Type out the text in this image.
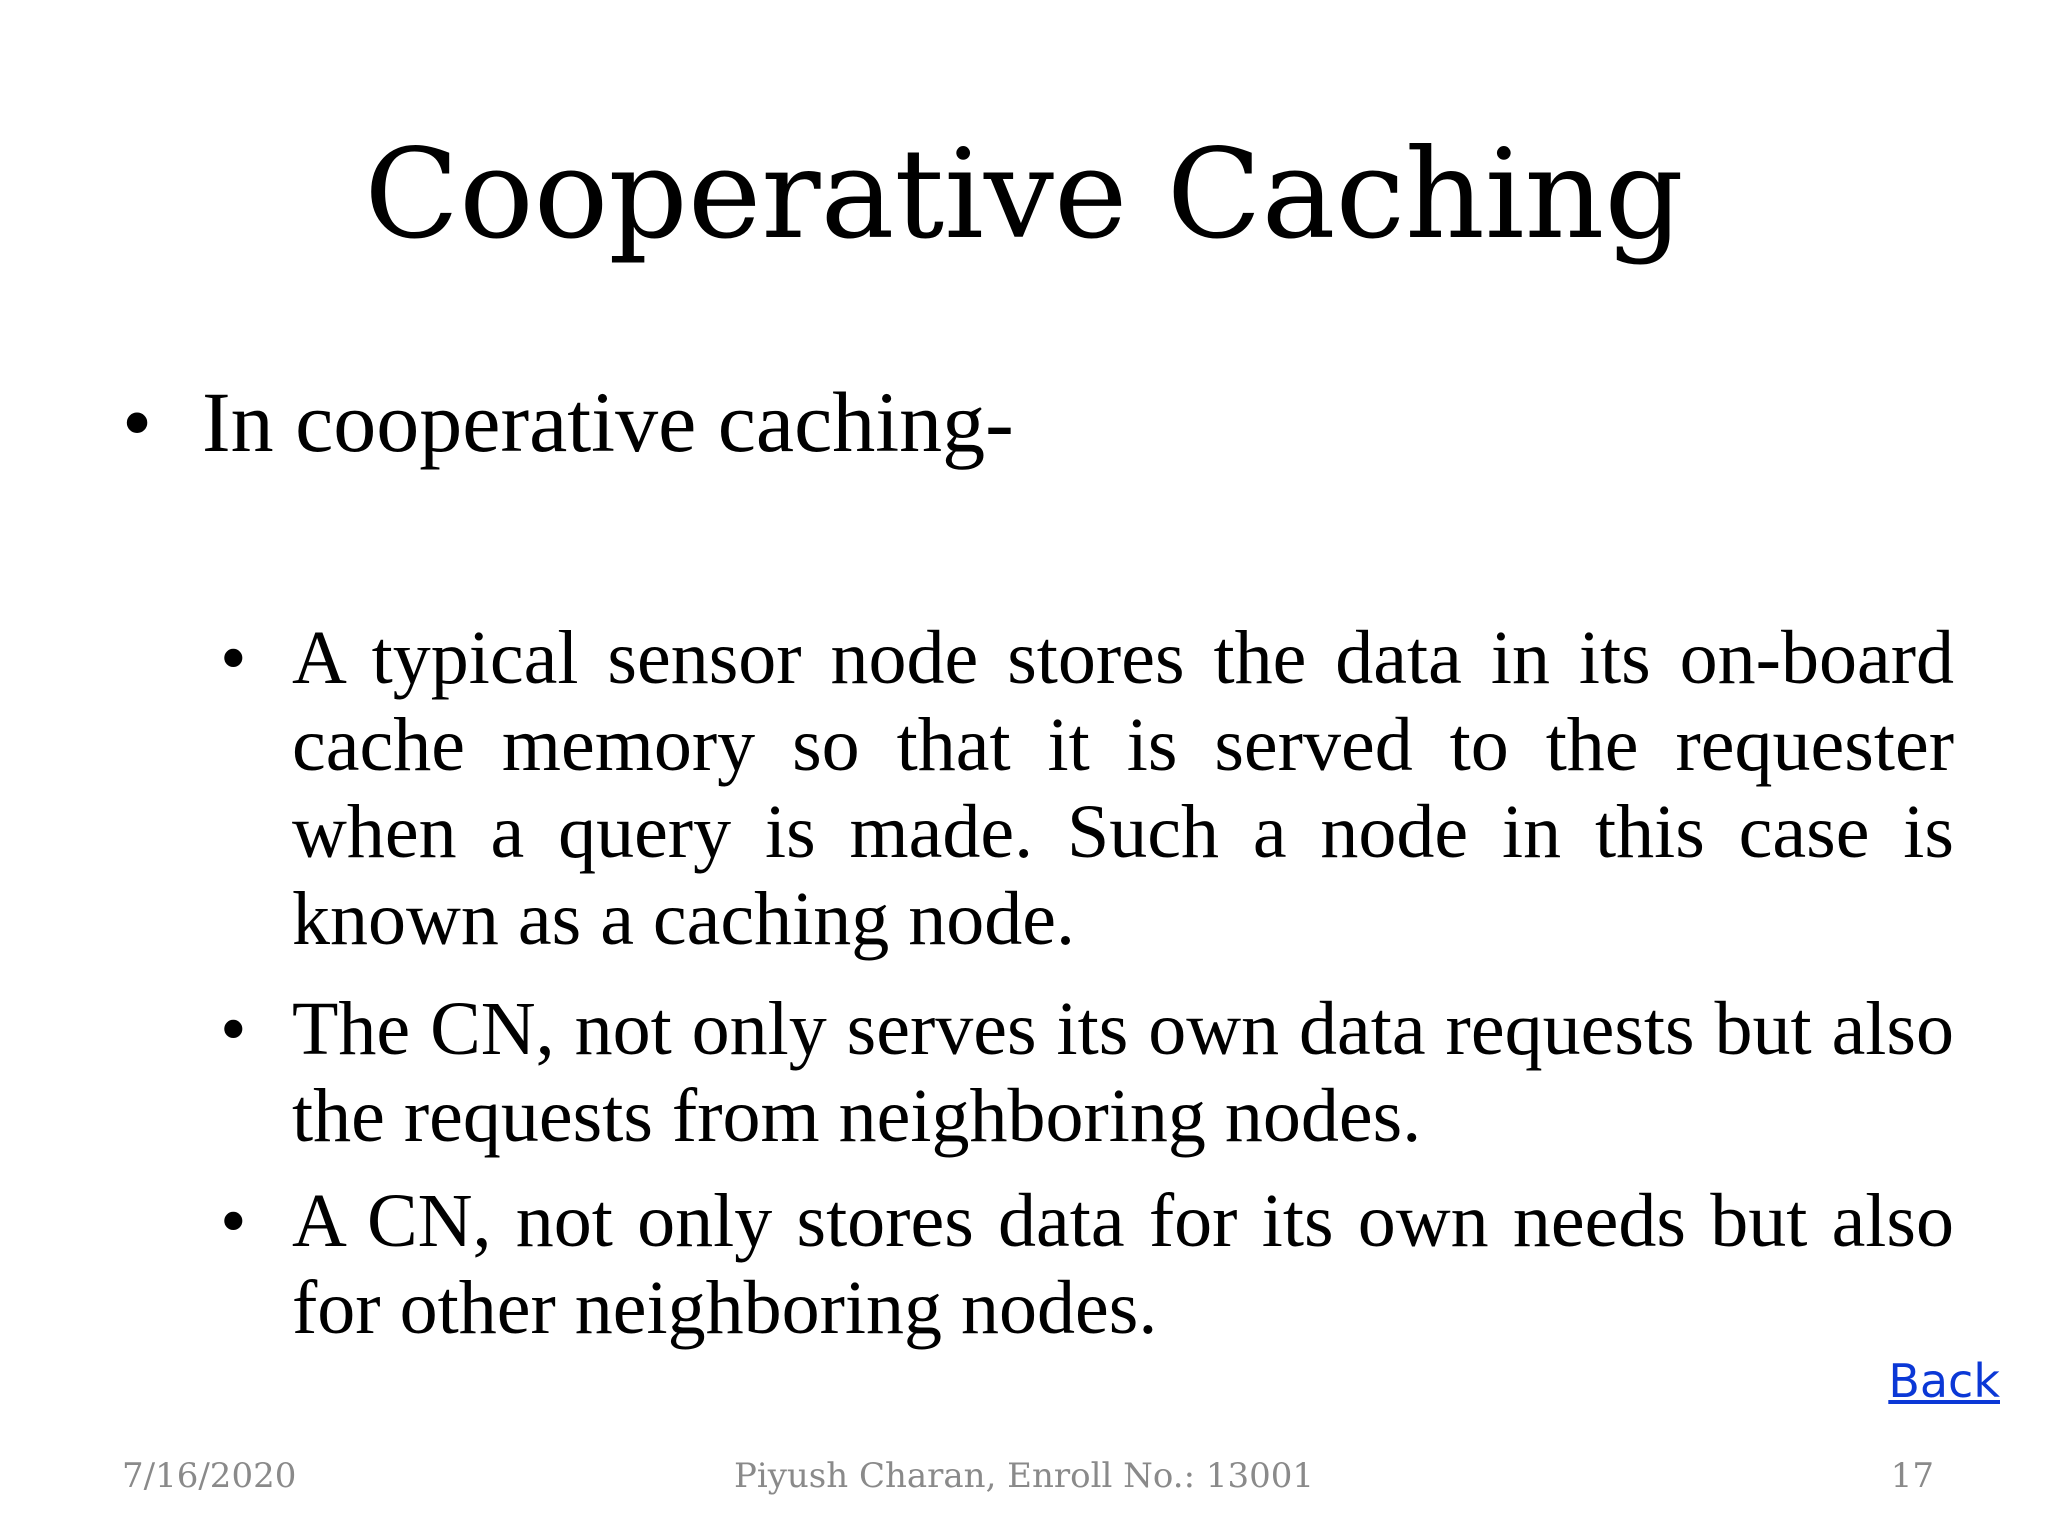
Cooperative Caching
• In cooperative caching-
• A typical sensor node stores the data in its on-board cache memory so that it is served to the requester when a query is made. Such a node in this case is known as a caching node.
• The CN, not only serves its own data requests but also the requests from neighboring nodes.
• A CN, not only stores data for its own needs but also for other neighboring nodes.
Back
7/16/2020	Piyush Charan, Enroll No.: 13001	17
